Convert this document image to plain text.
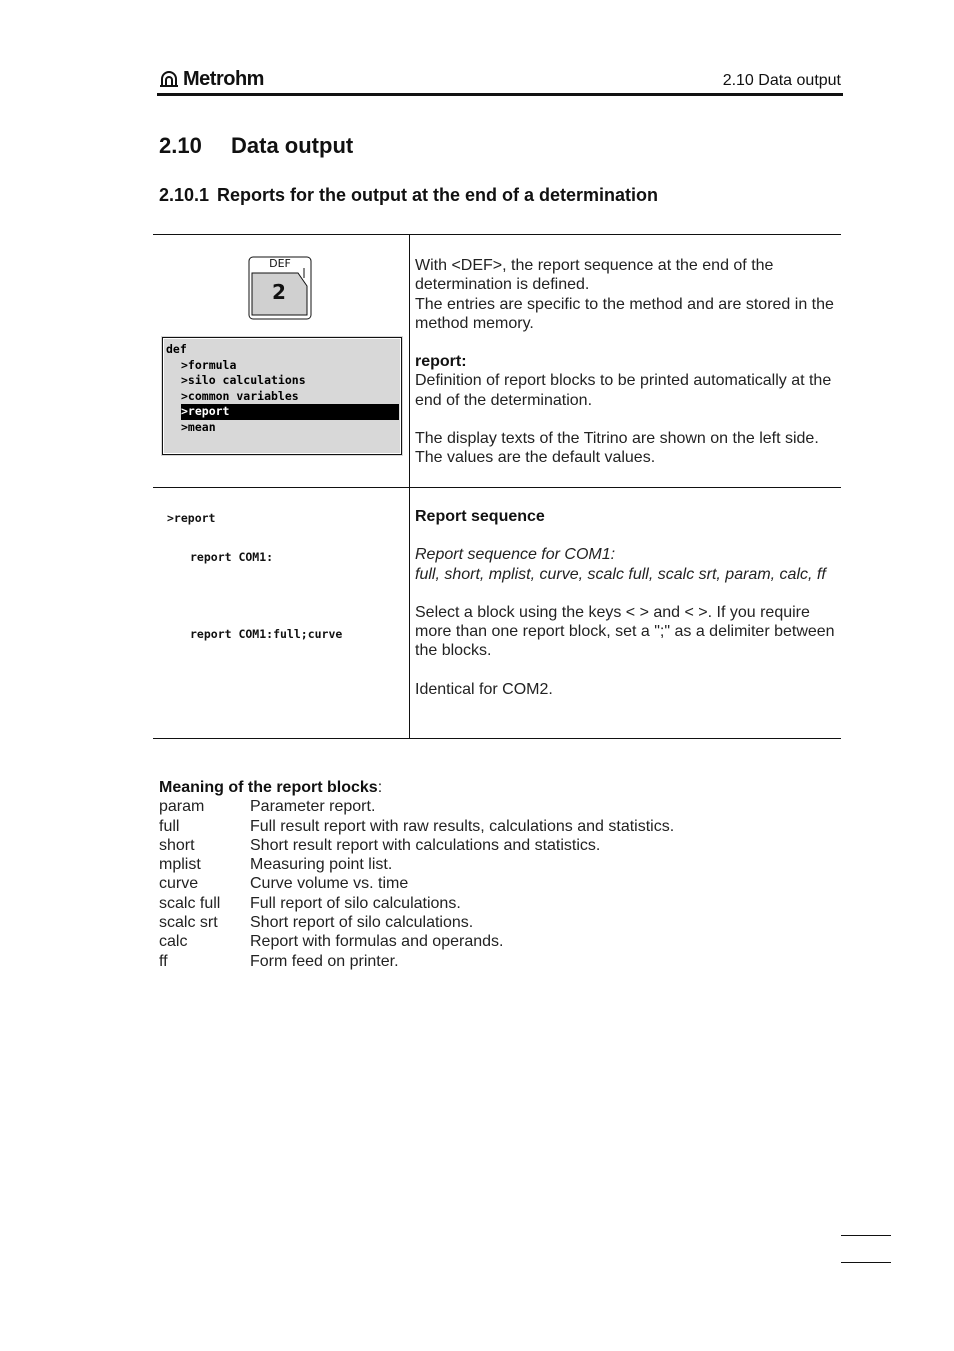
Metrohm	2.10 Data output
2.10 Data output
2.10.1 Reports for the output at the end of a determination
DEF
2
def
>formula
>silo calculations
>common variables
>report
>mean

With <DEF>, the report sequence at the end of the determination is defined.

The entries are specific to the method and are stored in the method memory.

report:

Definition of report blocks to be printed automatically at the end of the determination.

The display texts of the Titrino are shown on the left side. The values are the default values.

>report
report COM1:
report COM1:full;curve

Report sequence

Report sequence for COM1:

full, short, mplist, curve, scalc full, scalc srt, param, calc, ff

Select a block using the keys < > and < >. If you require more than one report block, set a ";" as a delimiter between the blocks.

Identical for COM2.

Meaning of the report blocks:
param	Parameter report.
full	Full result report with raw results, calculations and statistics.
short	Short result report with calculations and statistics.
mplist	Measuring point list.
curve	Curve volume vs. time
scalc full	Full report of silo calculations.
scalc srt	Short report of silo calculations.
calc	Report with formulas and operands.
ff	Form feed on printer.
